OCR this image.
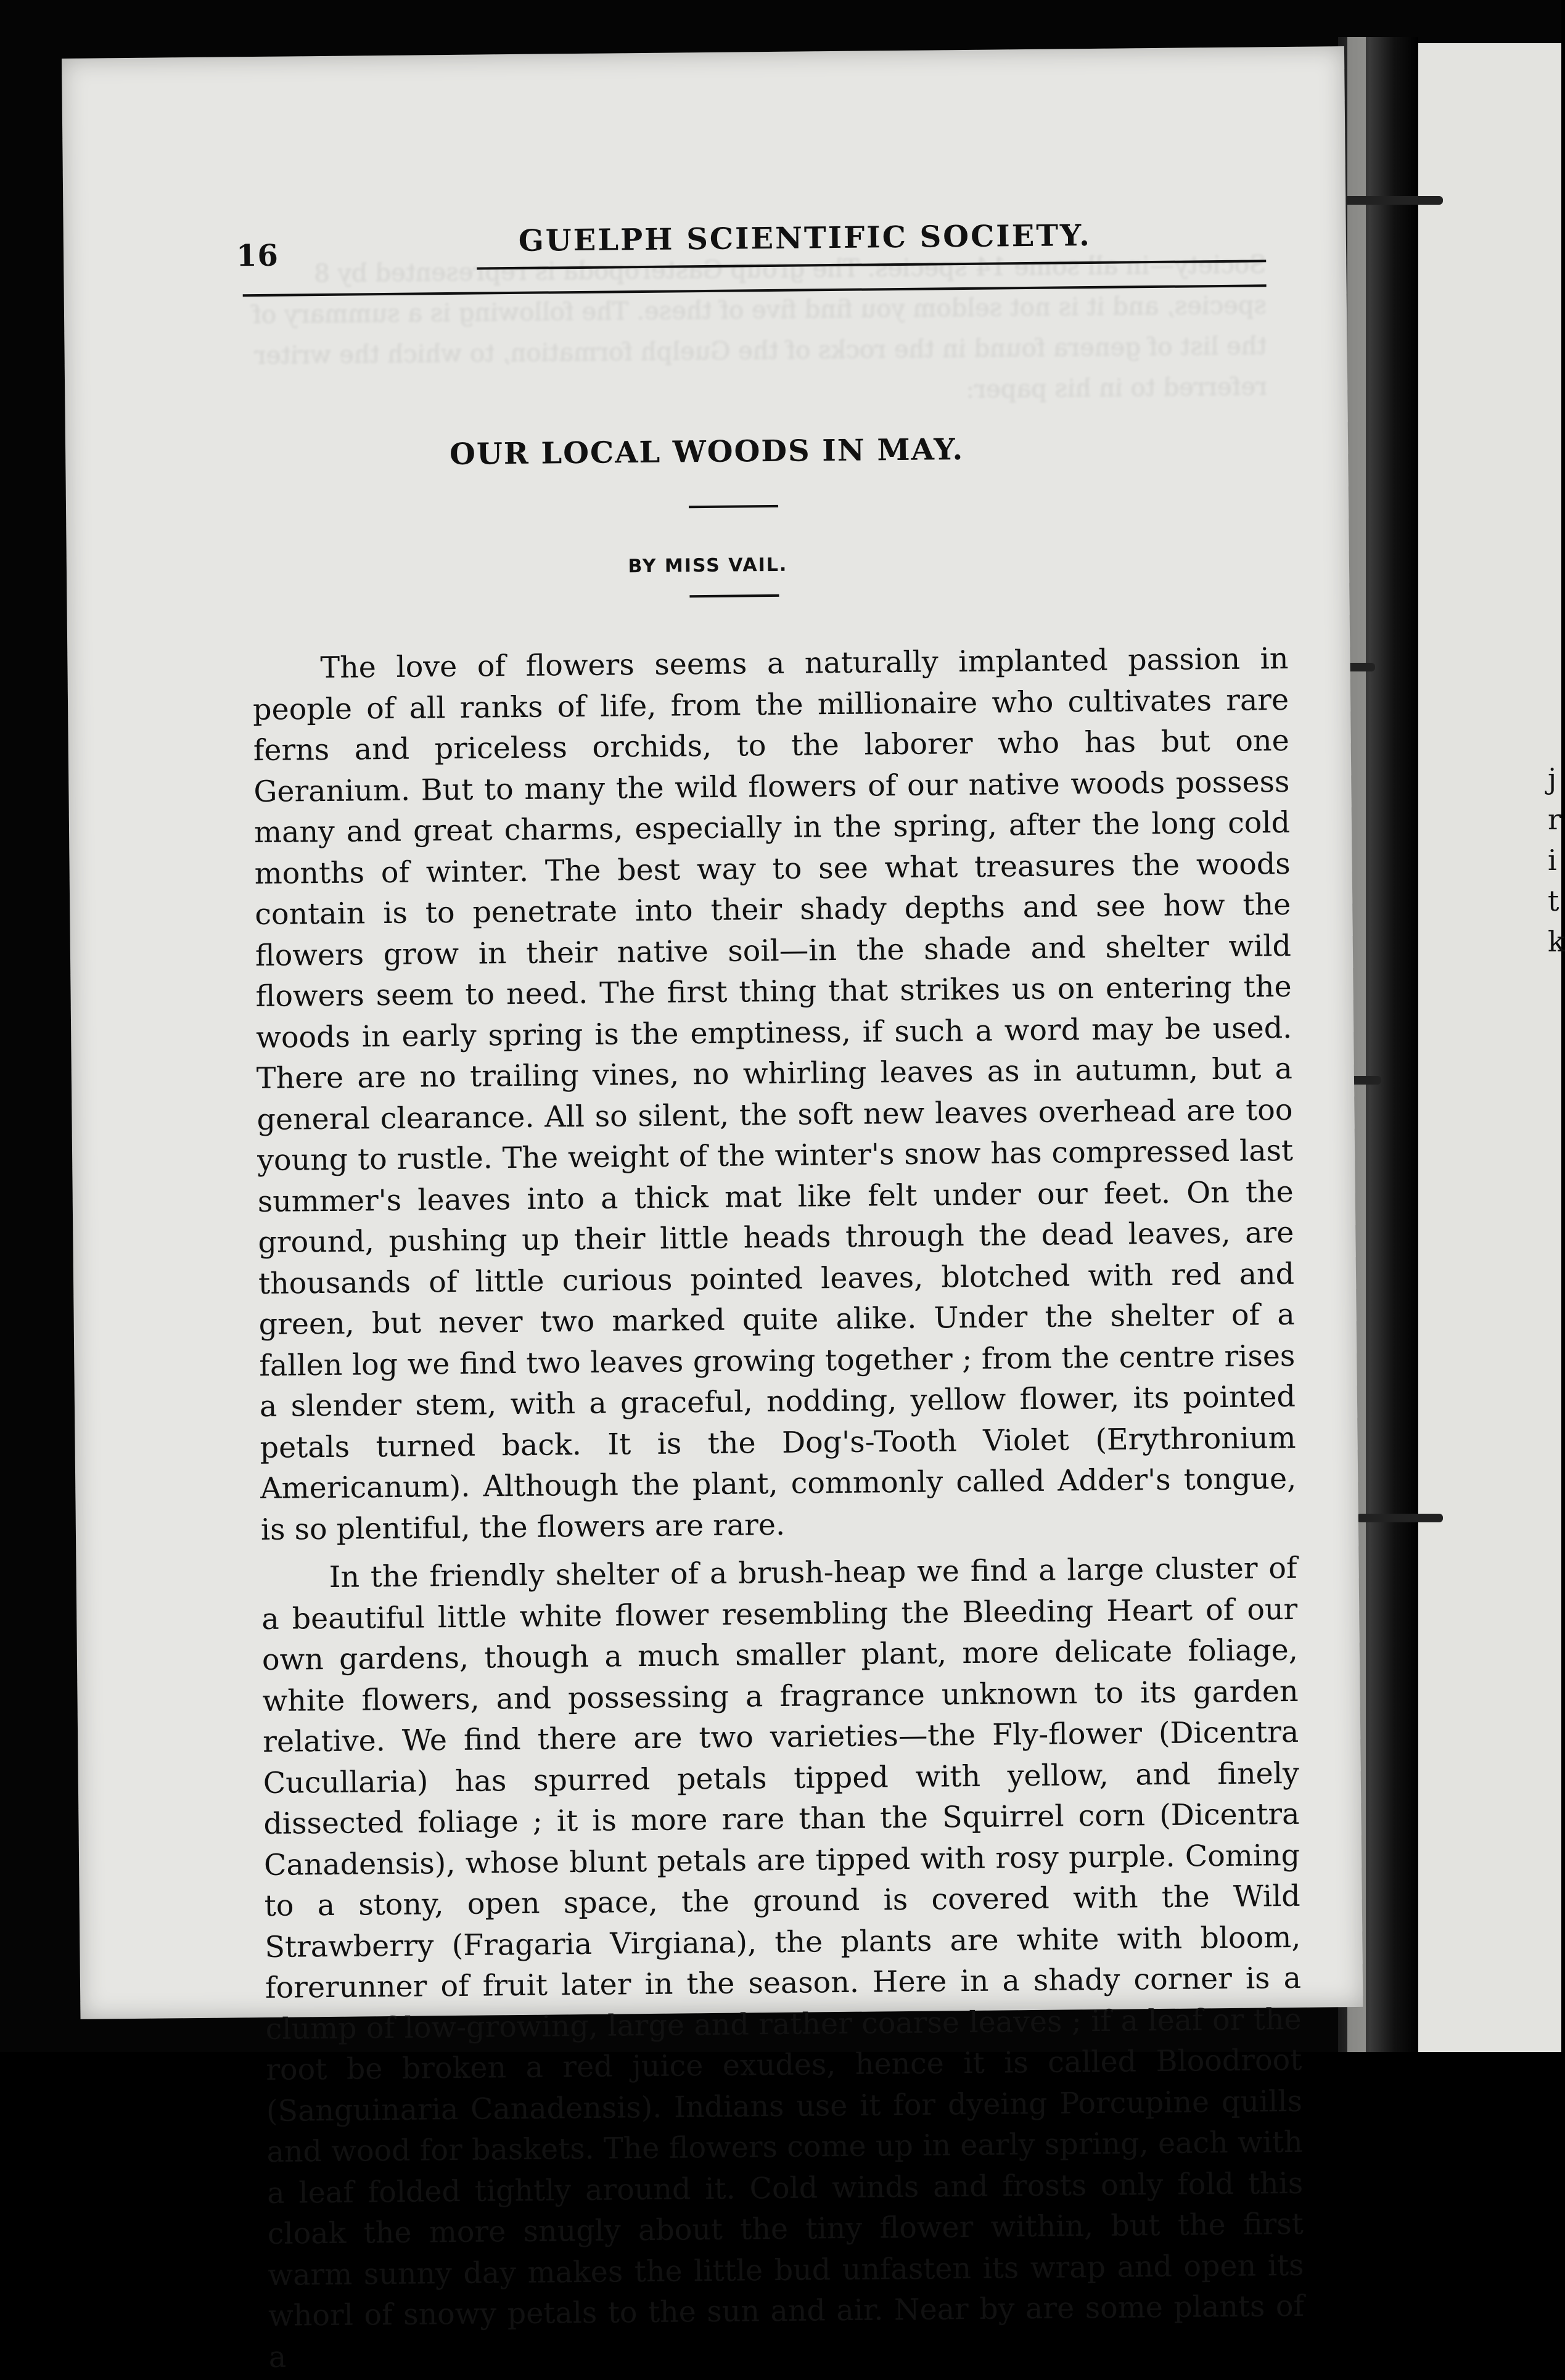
j r i t k
Society—in all some 14 species. The group Gasteropoda is represented by 8 species, and it is not seldom you find five of these. The following is a summary of the list of genera found in the rocks of the Guelph formation, to which the writer referred to in his paper:
16	GUELPH SCIENTIFIC SOCIETY.
OUR LOCAL WOODS IN MAY.
BY MISS VAIL.

The love of flowers seems a naturally implanted passion in people of all ranks of life, from the millionaire who cultivates rare ferns and priceless orchids, to the laborer who has but one Geranium. But to many the wild flowers of our native woods possess many and great charms, especially in the spring, after the long cold months of winter. The best way to see what treasures the woods contain is to penetrate into their shady depths and see how the flowers grow in their native soil—in the shade and shelter wild flowers seem to need. The first thing that strikes us on entering the woods in early spring is the emptiness, if such a word may be used. There are no trailing vines, no whirling leaves as in autumn, but a general clearance. All so silent, the soft new leaves overhead are too young to rustle. The weight of the winter's snow has compressed last summer's leaves into a thick mat like felt under our feet. On the ground, pushing up their little heads through the dead leaves, are thousands of little curious pointed leaves, blotched with red and green, but never two marked quite alike. Under the shelter of a fallen log we find two leaves growing together ; from the centre rises a slender stem, with a graceful, nodding, yellow flower, its pointed petals turned back. It is the Dog's-Tooth Violet (Erythronium Americanum). Although the plant, commonly called Adder's tongue, is so plentiful, the flowers are rare.

In the friendly shelter of a brush-heap we find a large cluster of a beautiful little white flower resembling the Bleeding Heart of our own gardens, though a much smaller plant, more delicate foliage, white flowers, and possessing a fragrance unknown to its garden relative. We find there are two varieties—the Fly-flower (Dicentra Cucullaria) has spurred petals tipped with yellow, and finely dissected foliage ; it is more rare than the Squirrel corn (Dicentra Canadensis), whose blunt petals are tipped with rosy purple. Coming to a stony, open space, the ground is covered with the Wild Strawberry (Fragaria Virgiana), the plants are white with bloom, forerunner of fruit later in the season. Here in a shady corner is a clump of low-growing, large and rather coarse leaves ; if a leaf or the root be broken a red juice exudes, hence it is called Bloodroot (Sanguinaria Canadensis). Indians use it for dyeing Porcupine quills and wood for baskets. The flowers come up in early spring, each with a leaf folded tightly around it. Cold winds and frosts only fold this cloak the more snugly about the tiny flower within, but the first warm sunny day makes the little bud unfasten its wrap and open its whorl of snowy petals to the sun and air. Near by are some plants of a
